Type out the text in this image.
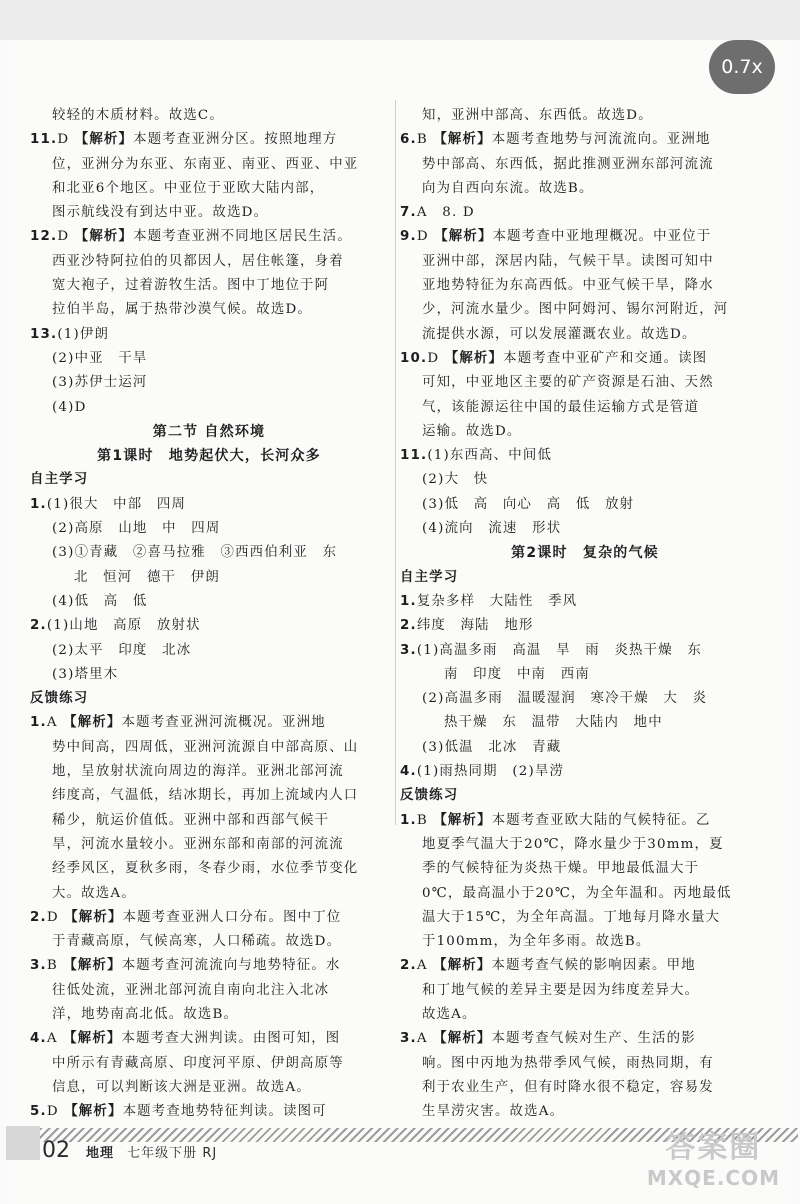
较轻的木质材料。故选C。
11.D 【解析】本题考查亚洲分区。按照地理方
位，亚洲分为东亚、东南亚、南亚、西亚、中亚
和北亚6个地区。中亚位于亚欧大陆内部，
图示航线没有到达中亚。故选D。
12.D 【解析】本题考查亚洲不同地区居民生活。
西亚沙特阿拉伯的贝都因人，居住帐篷，身着
宽大袍子，过着游牧生活。图中丁地位于阿
拉伯半岛，属于热带沙漠气候。故选D。
13.(1)伊朗
(2)中亚　干旱
(3)苏伊士运河
(4)D
第二节 自然环境
第1课时　地势起伏大，长河众多
自主学习
1.(1)很大　中部　四周
(2)高原　山地　中　四周
(3)①青藏　②喜马拉雅　③西西伯利亚　东
北　恒河　德干　伊朗
(4)低　高　低
2.(1)山地　高原　放射状
(2)太平　印度　北冰
(3)塔里木
反馈练习
1.A 【解析】本题考查亚洲河流概况。亚洲地
势中间高，四周低，亚洲河流源自中部高原、山
地，呈放射状流向周边的海洋。亚洲北部河流
纬度高，气温低，结冰期长，再加上流域内人口
稀少，航运价值低。亚洲中部和西部气候干
旱，河流水量较小。亚洲东部和南部的河流流
经季风区，夏秋多雨，冬春少雨，水位季节变化
大。故选A。
2.D 【解析】本题考查亚洲人口分布。图中丁位
于青藏高原，气候高寒，人口稀疏。故选D。
3.B 【解析】本题考查河流流向与地势特征。水
往低处流，亚洲北部河流自南向北注入北冰
洋，地势南高北低。故选B。
4.A 【解析】本题考查大洲判读。由图可知，图
中所示有青藏高原、印度河平原、伊朗高原等
信息，可以判断该大洲是亚洲。故选A。
5.D 【解析】本题考查地势特征判读。读图可
知，亚洲中部高、东西低。故选D。
6.B 【解析】本题考查地势与河流流向。亚洲地
势中部高、东西低，据此推测亚洲东部河流流
向为自西向东流。故选B。
7.A　8. D
9.D 【解析】本题考查中亚地理概况。中亚位于
亚洲中部，深居内陆，气候干旱。读图可知中
亚地势特征为东高西低。中亚气候干旱，降水
少，河流水量少。图中阿姆河、锡尔河附近，河
流提供水源，可以发展灌溉农业。故选D。
10.D 【解析】本题考查中亚矿产和交通。读图
可知，中亚地区主要的矿产资源是石油、天然
气，该能源运往中国的最佳运输方式是管道
运输。故选D。
11.(1)东西高、中间低
(2)大　快
(3)低　高　向心　高　低　放射
(4)流向　流速　形状
第2课时　复杂的气候
自主学习
1.复杂多样　大陆性　季风
2.纬度　海陆　地形
3.(1)高温多雨　高温　旱　雨　炎热干燥　东
南　印度　中南　西南
(2)高温多雨　温暖湿润　寒冷干燥　大　炎
热干燥　东　温带　大陆内　地中
(3)低温　北冰　青藏
4.(1)雨热同期　(2)旱涝
反馈练习
1.B 【解析】本题考查亚欧大陆的气候特征。乙
地夏季气温大于20℃，降水量少于30mm，夏
季的气候特征为炎热干燥。甲地最低温大于
0℃，最高温小于20℃，为全年温和。丙地最低
温大于15℃，为全年高温。丁地每月降水量大
于100mm，为全年多雨。故选B。
2.A 【解析】本题考查气候的影响因素。甲地
和丁地气候的差异主要是因为纬度差异大。
故选A。
3.A 【解析】本题考查气候对生产、生活的影
响。图中丙地为热带季风气候，雨热同期，有
利于农业生产，但有时降水很不稳定，容易发
生旱涝灾害。故选A。
0.7x
02 地理 七年级下册 RJ	答案圈
MXQE.COM
